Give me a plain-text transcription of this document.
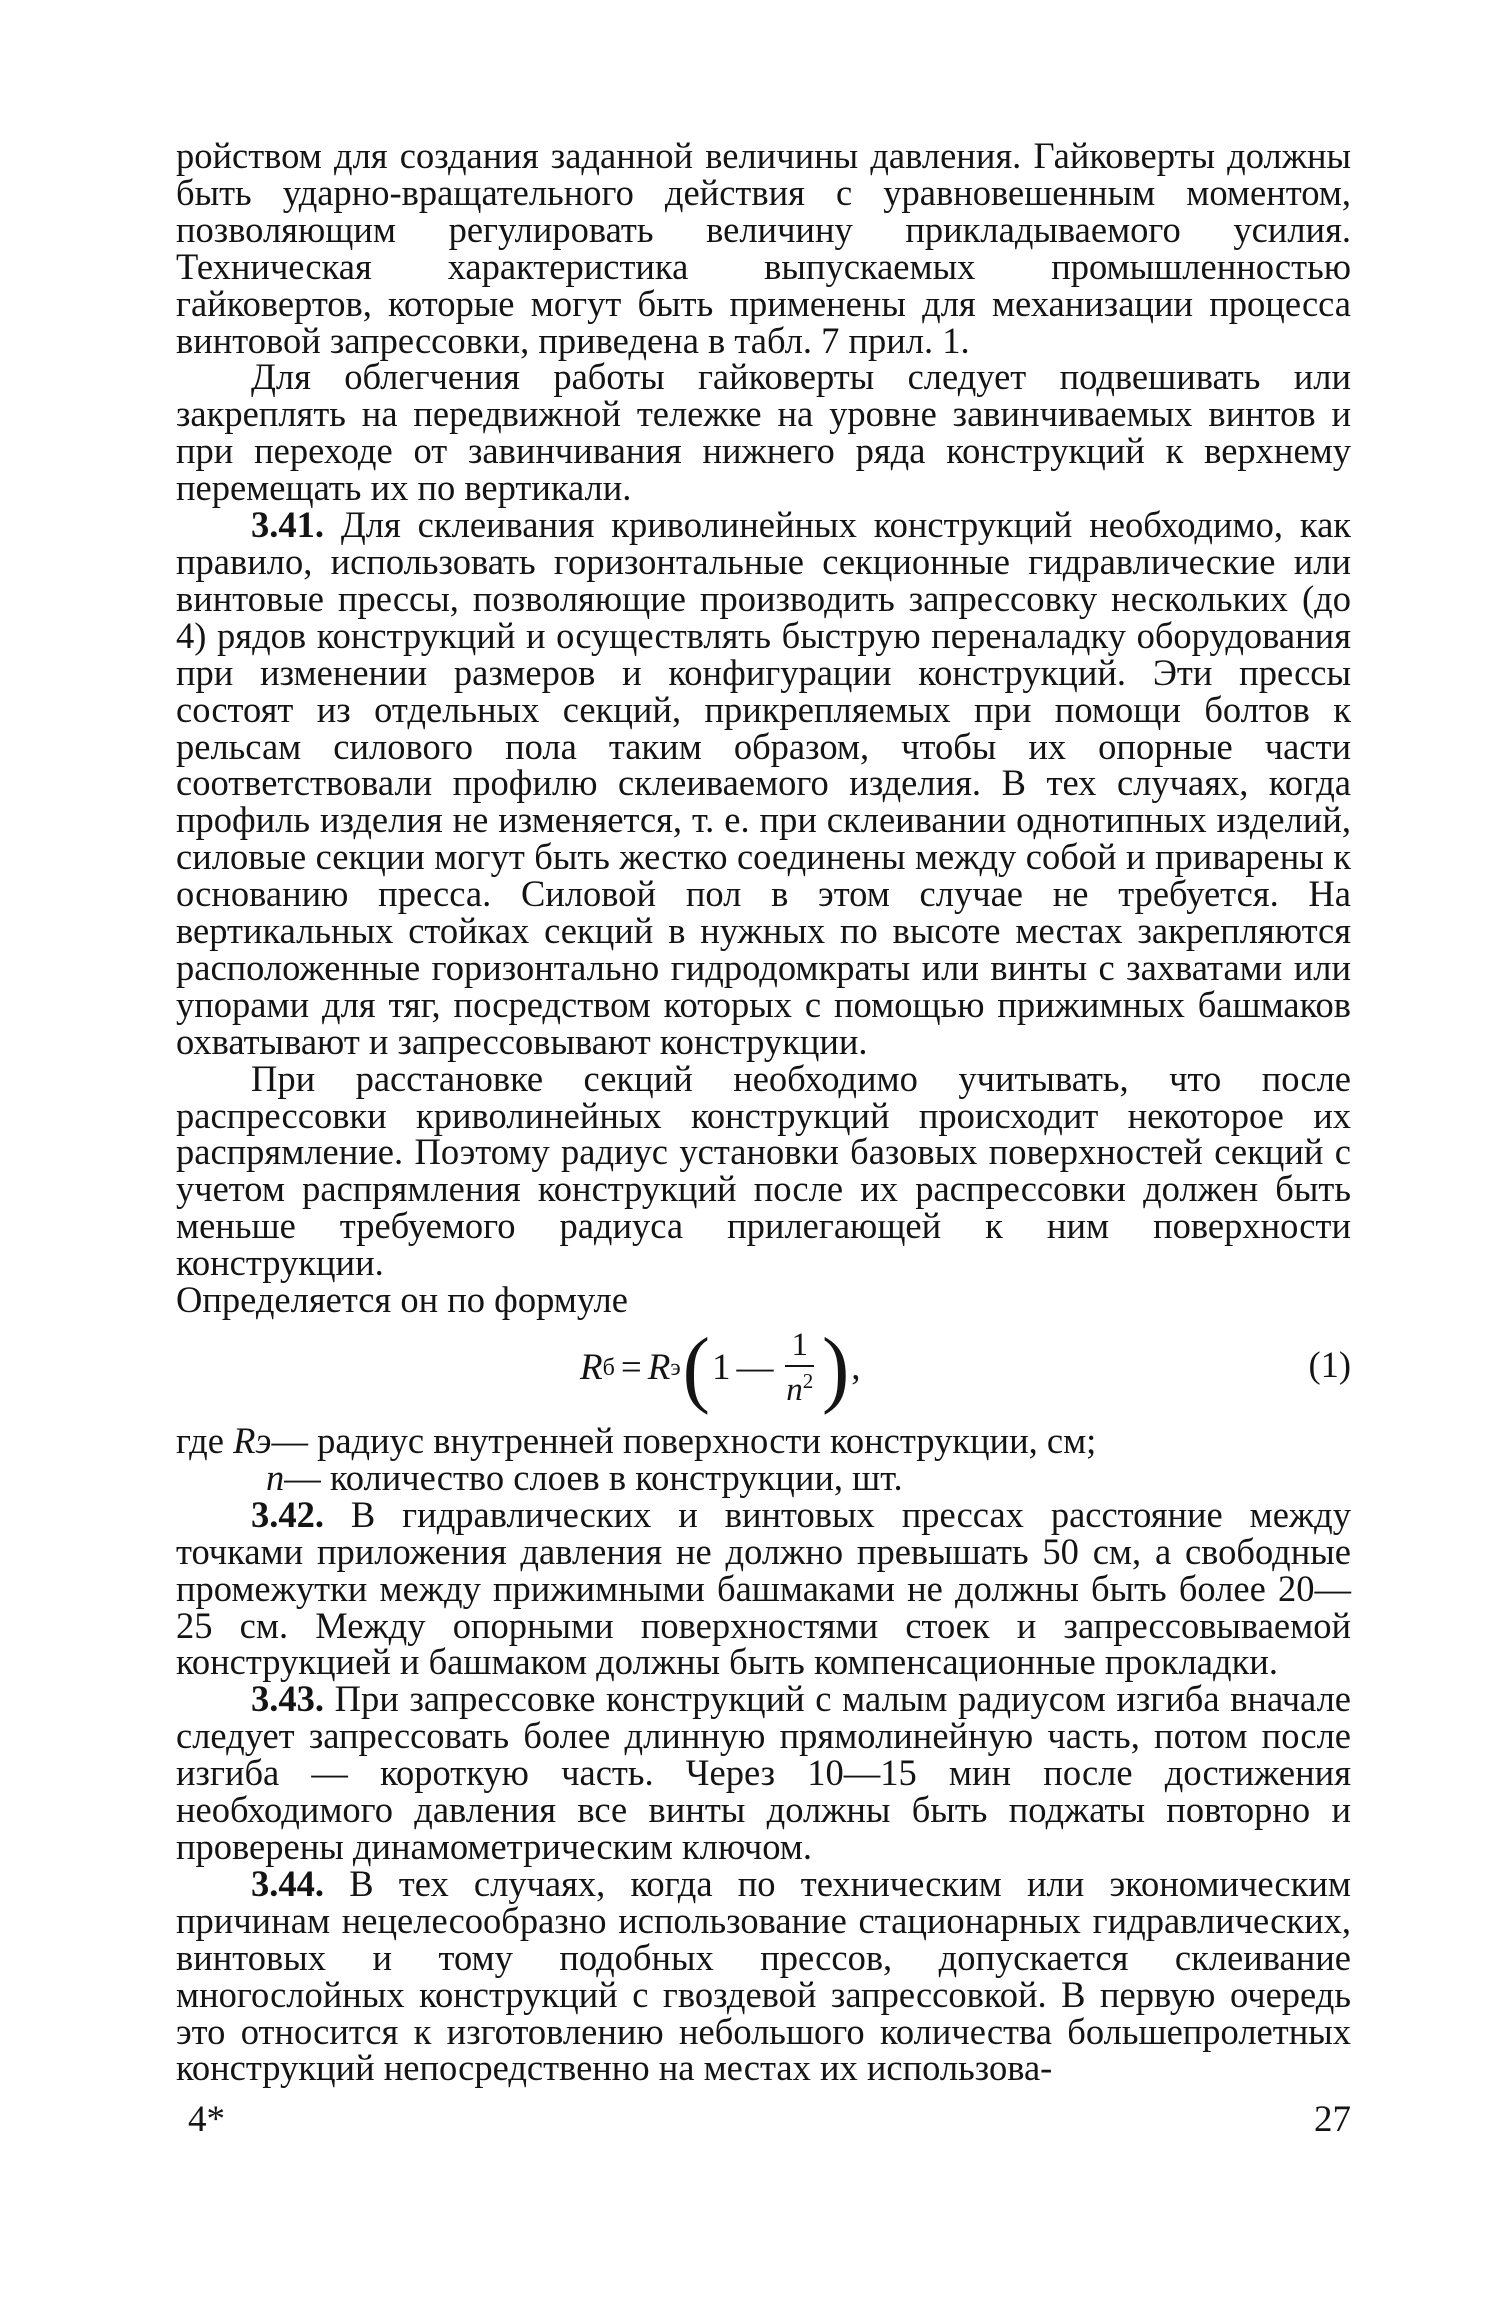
ройством для создания заданной величины давления. Гайковерты должны быть ударно-вращательного действия с уравновешенным моментом, позволяющим регулировать величину прикладываемого усилия. Техническая характеристика выпускаемых промышленностью гайковертов, которые могут быть применены для механизации процесса винтовой запрессовки, приведена в табл. 7 прил. 1.

Для облегчения работы гайковерты следует подвешивать или закреплять на передвижной тележке на уровне завинчиваемых винтов и при переходе от завинчивания нижнего ряда конструкций к верхнему перемещать их по вертикали.

3.41. Для склеивания криволинейных конструкций необходимо, как правило, использовать горизонтальные секционные гидравлические или винтовые прессы, позволяющие производить запрессовку нескольких (до 4) рядов конструкций и осуществлять быструю переналадку оборудования при изменении размеров и конфигурации конструкций. Эти прессы состоят из отдельных секций, прикрепляемых при помощи болтов к рельсам силового пола таким образом, чтобы их опорные части соответствовали профилю склеиваемого изделия. В тех случаях, когда профиль изделия не изменяется, т. е. при склеивании однотипных изделий, силовые секции могут быть жестко соединены между собой и приварены к основанию пресса. Силовой пол в этом случае не требуется. На вертикальных стойках секций в нужных по высоте местах закрепляются расположенные горизонтально гидродомкраты или винты с захватами или упорами для тяг, посредством которых с помощью прижимных башмаков охватывают и запрессовывают конструкции.

При расстановке секций необходимо учитывать, что после распрессовки криволинейных конструкций происходит некоторое их распрямление. Поэтому радиус установки базовых поверхностей секций с учетом распрямления конструкций после их распрессовки должен быть меньше требуемого радиуса прилегающей к ним поверхности конструкции.

Определяется он по формуле

R б = R э ( 1 — $\frac{1}{n^2}$ ) ,	(1)

где Rэ— радиус внутренней поверхности конструкции, см;

n— количество слоев в конструкции, шт.

3.42. В гидравлических и винтовых прессах расстояние между точками приложения давления не должно превышать 50 см, а свободные промежутки между прижимными башмаками не должны быть более 20—25 см. Между опорными поверхностями стоек и запрессовываемой конструкцией и башмаком должны быть компенсационные прокладки.

3.43. При запрессовке конструкций с малым радиусом изгиба вначале следует запрессовать более длинную прямолинейную часть, потом после изгиба — короткую часть. Через 10—15 мин после достижения необходимого давления все винты должны быть поджаты повторно и проверены динамометрическим ключом.

3.44. В тех случаях, когда по техническим или экономическим причинам нецелесообразно использование стационарных гидравлических, винтовых и тому подобных прессов, допускается склеивание многослойных конструкций с гвоздевой запрессовкой. В первую очередь это относится к изготовлению небольшого количества большепролетных конструкций непосредственно на местах их использова-

4*	27
